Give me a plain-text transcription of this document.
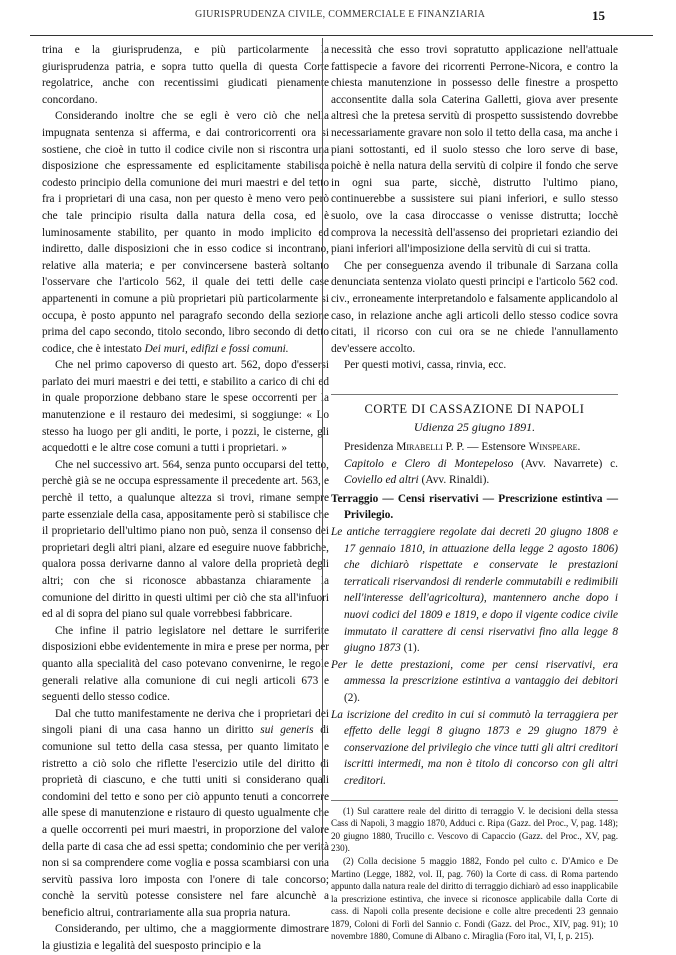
GIURISPRUDENZA CIVILE, COMMERCIALE E FINANZIARIA	15

trina e la giurisprudenza, e più particolarmente la giurisprudenza patria, e sopra tutto quella di questa Corte regolatrice, anche con recentissimi giudicati pienamente concordano.

Considerando inoltre che se egli è vero ciò che nella impugnata sentenza si afferma, e dai controricorrenti ora si sostiene, che cioè in tutto il codice civile non si riscontra una disposizione che espressamente ed esplicitamente stabilisca codesto principio della comunione dei muri maestri e del tetto fra i proprietari di una casa, non per questo è meno vero però che tale principio risulta dalla natura della cosa, ed è luminosamente stabilito, per quanto in modo implicito ed indiretto, dalle disposizioni che in esso codice si incontrano, relative alla materia; e per convincersene basterà soltanto l'osservare che l'articolo 562, il quale dei tetti delle case appartenenti in comune a più proprietari più particolarmente si occupa, è posto appunto nel paragrafo secondo della sezione prima del capo secondo, titolo secondo, libro secondo di detto codice, che è intestato Dei muri, edifizi e fossi comuni.

Che nel primo capoverso di questo art. 562, dopo d'essersi parlato dei muri maestri e dei tetti, e stabilito a carico di chi ed in quale proporzione debbano stare le spese occorrenti per la manutenzione e il restauro dei medesimi, si soggiunge: « Lo stesso ha luogo per gli anditi, le porte, i pozzi, le cisterne, gli acquedotti e le altre cose comuni a tutti i proprietari. »

Che nel successivo art. 564, senza punto occuparsi del tetto, perchè già se ne occupa espressamente il precedente art. 563, e perchè il tetto, a qualunque altezza si trovi, rimane sempre parte essenziale della casa, appositamente però si stabilisce che il proprietario dell'ultimo piano non può, senza il consenso dei proprietari degli altri piani, alzare ed eseguire nuove fabbriche, qualora possa derivarne danno al valore della proprietà degli altri; con che si riconosce abbastanza chiaramente la comunione del diritto in questi ultimi per ciò che sta all'infuori ed al di sopra del piano sul quale vorrebbesi fabbricare.

Che infine il patrio legislatore nel dettare le surriferite disposizioni ebbe evidentemente in mira e prese per norma, per quanto alla specialità del caso potevano convenirne, le regole generali relative alla comunione di cui negli articoli 673 e seguenti dello stesso codice.

Dal che tutto manifestamente ne deriva che i proprietari dei singoli piani di una casa hanno un diritto sui generis di comunione sul tetto della casa stessa, per quanto limitato e ristretto a ciò solo che riflette l'esercizio utile del diritto di proprietà di ciascuno, e che tutti uniti si considerano quali condomini del tetto e sono per ciò appunto tenuti a concorrere alle spese di manutenzione e ristauro di questo ugualmente che a quelle occorrenti pei muri maestri, in proporzione del valore della parte di casa che ad essi spetta; condominio che per verità non si sa comprendere come voglia e possa scambiarsi con una servitù passiva loro imposta con l'onere di tale concorso; conchè la servitù potesse consistere nel fare alcunchè a beneficio altrui, contrariamente alla sua propria natura.

Considerando, per ultimo, che a maggiormente dimostrare la giustizia e legalità del suesposto principio e la

necessità che esso trovi sopratutto applicazione nell'attuale fattispecie a favore dei ricorrenti Perrone-Nicora, e contro la chiesta manutenzione in possesso delle finestre a prospetto acconsentite dalla sola Caterina Galletti, giova aver presente altresì che la pretesa servitù di prospetto sussistendo dovrebbe necessariamente gravare non solo il tetto della casa, ma anche i piani sottostanti, ed il suolo stesso che loro serve di base, poichè è nella natura della servitù di colpire il fondo che serve in ogni sua parte, sicchè, distrutto l'ultimo piano, continuerebbe a sussistere sui piani inferiori, e sullo stesso suolo, ove la casa diroccasse o venisse distrutta; locchè comprova la necessità dell'assenso dei proprietari eziandio dei piani inferiori all'imposizione della servitù di cui si tratta.

Che per conseguenza avendo il tribunale di Sarzana colla denunciata sentenza violato questi principi e l'articolo 562 cod. civ., erroneamente interpretandolo e falsamente applicandolo al caso, in relazione anche agli articoli dello stesso codice sovra citati, il ricorso con cui ora se ne chiede l'annullamento dev'essere accolto.

Per questi motivi, cassa, rinvia, ecc.

CORTE DI CASSAZIONE DI NAPOLI
Udienza 25 giugno 1891.

Presidenza Mirabelli P. P. — Estensore Winspeare.

Capitolo e Clero di Montepeloso (Avv. Navarrete) c. Coviello ed altri (Avv. Rinaldi).

Terraggio — Censi riservativi — Prescrizione estintiva — Privilegio.

Le antiche terraggiere regolate dai decreti 20 giugno 1808 e 17 gennaio 1810, in attuazione della legge 2 agosto 1806) che dichiarò rispettate e conservate le prestazioni terraticali riservandosi di renderle commutabili e redimibili nell'interesse dell'agricoltura), mantennero anche dopo i nuovi codici del 1809 e 1819, e dopo il vigente codice civile immutato il carattere di censi riservativi fino alla legge 8 giugno 1873 (1).

Per le dette prestazioni, come per censi riservativi, era ammessa la prescrizione estintiva a vantaggio dei debitori (2).

La iscrizione del credito in cui si commutò la terraggiera per effetto delle leggi 8 giugno 1873 e 29 giugno 1879 è conservazione del privilegio che vince tutti gli altri creditori iscritti intermedi, ma non è titolo di concorso con gli altri creditori.

(1) Sul carattere reale del diritto di terraggio V. le decisioni della stessa Cass di Napoli, 3 maggio 1870, Adduci c. Ripa (Gazz. del Proc., V, pag. 148); 20 giugno 1880, Trucillo c. Vescovo di Capaccio (Gazz. del Proc., XV, pag. 230).

(2) Colla decisione 5 maggio 1882, Fondo pel culto c. D'Amico e De Martino (Legge, 1882, vol. II, pag. 760) la Corte di cass. di Roma partendo appunto dalla natura reale del diritto di terraggio dichiarò ad esso inapplicabile la prescrizione estintiva, che invece si riconosce applicabile dalla Corte di cass. di Napoli colla presente decisione e colle altre precedenti 23 gennaio 1879, Coloni di Forlì del Sannio c. Fondi (Gazz. del Proc., XIV, pag. 91); 10 novembre 1880, Comune di Albano c. Miraglia (Foro ital, VI, I, p. 215).
